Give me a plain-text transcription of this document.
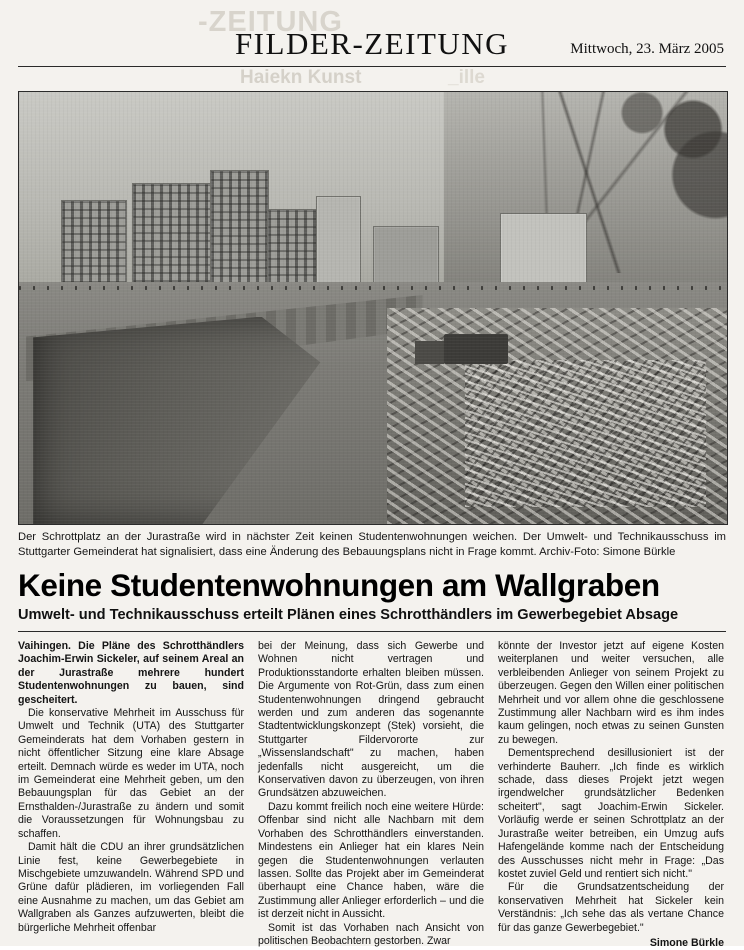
-ZEITUNG
FILDER-ZEITUNG	Mittwoch, 23. März 2005
Haiekn Kunst	_ille
Der Schrottplatz an der Jurastraße wird in nächster Zeit keinen Studentenwohnungen weichen. Der Umwelt- und Technikausschuss im Stuttgarter Gemeinderat hat signalisiert, dass eine Änderung des Bebauungsplans nicht in Frage kommt. Archiv-Foto: Simone Bürkle
Keine Studentenwohnungen am Wallgraben
Umwelt- und Technikausschuss erteilt Plänen eines Schrotthändlers im Gewerbegebiet Absage

Vaihingen. Die Pläne des Schrotthändlers Joachim-Erwin Sickeler, auf seinem Areal an der Jurastraße mehrere hundert Studentenwohnungen zu bauen, sind gescheitert.

Die konservative Mehrheit im Ausschuss für Umwelt und Technik (UTA) des Stuttgarter Gemeinderats hat dem Vorhaben gestern in nicht öffentlicher Sitzung eine klare Absage erteilt. Demnach würde es weder im UTA, noch im Gemeinderat eine Mehrheit geben, um den Bebauungsplan für das Gebiet an der Ernsthalden-/Jurastraße zu ändern und somit die Voraussetzungen für Wohnungsbau zu schaffen.

Damit hält die CDU an ihrer grundsätzlichen Linie fest, keine Gewerbegebiete in Mischgebiete umzuwandeln. Während SPD und Grüne dafür plädieren, im vorliegenden Fall eine Ausnahme zu machen, um das Gebiet am Wallgraben als Ganzes aufzuwerten, bleibt die bürgerliche Mehrheit offenbar

bei der Meinung, dass sich Gewerbe und Wohnen nicht vertragen und Produktionsstandorte erhalten bleiben müssen. Die Argumente von Rot-Grün, dass zum einen Studentenwohnungen dringend gebraucht werden und zum anderen das sogenannte Stadtentwicklungskonzept (Stek) vorsieht, die Stuttgarter Fildervororte zur „Wissenslandschaft" zu machen, haben jedenfalls nicht ausgereicht, um die Konservativen davon zu überzeugen, von ihren Grundsätzen abzuweichen.

Dazu kommt freilich noch eine weitere Hürde: Offenbar sind nicht alle Nachbarn mit dem Vorhaben des Schrotthändlers einverstanden. Mindestens ein Anlieger hat ein klares Nein gegen die Studentenwohnungen verlauten lassen. Sollte das Projekt aber im Gemeinderat überhaupt eine Chance haben, wäre die Zustimmung aller Anlieger erforderlich – und die ist derzeit nicht in Aussicht.

Somit ist das Vorhaben nach Ansicht von politischen Beobachtern gestorben. Zwar

könnte der Investor jetzt auf eigene Kosten weiterplanen und weiter versuchen, alle verbleibenden Anlieger von seinem Projekt zu überzeugen. Gegen den Willen einer politischen Mehrheit und vor allem ohne die geschlossene Zustimmung aller Nachbarn wird es ihm indes kaum gelingen, noch etwas zu seinen Gunsten zu bewegen.

Dementsprechend desillusioniert ist der verhinderte Bauherr. „Ich finde es wirklich schade, dass dieses Projekt jetzt wegen irgendwelcher grundsätzlicher Bedenken scheitert", sagt Joachim-Erwin Sickeler. Vorläufig werde er seinen Schrottplatz an der Jurastraße weiter betreiben, ein Umzug aufs Hafengelände komme nach der Entscheidung des Ausschusses nicht mehr in Frage: „Das kostet zuviel Geld und rentiert sich nicht."

Für die Grundsatzentscheidung der konservativen Mehrheit hat Sickeler kein Verständnis: „Ich sehe das als vertane Chance für das ganze Gewerbegebiet."

Simone Bürkle
